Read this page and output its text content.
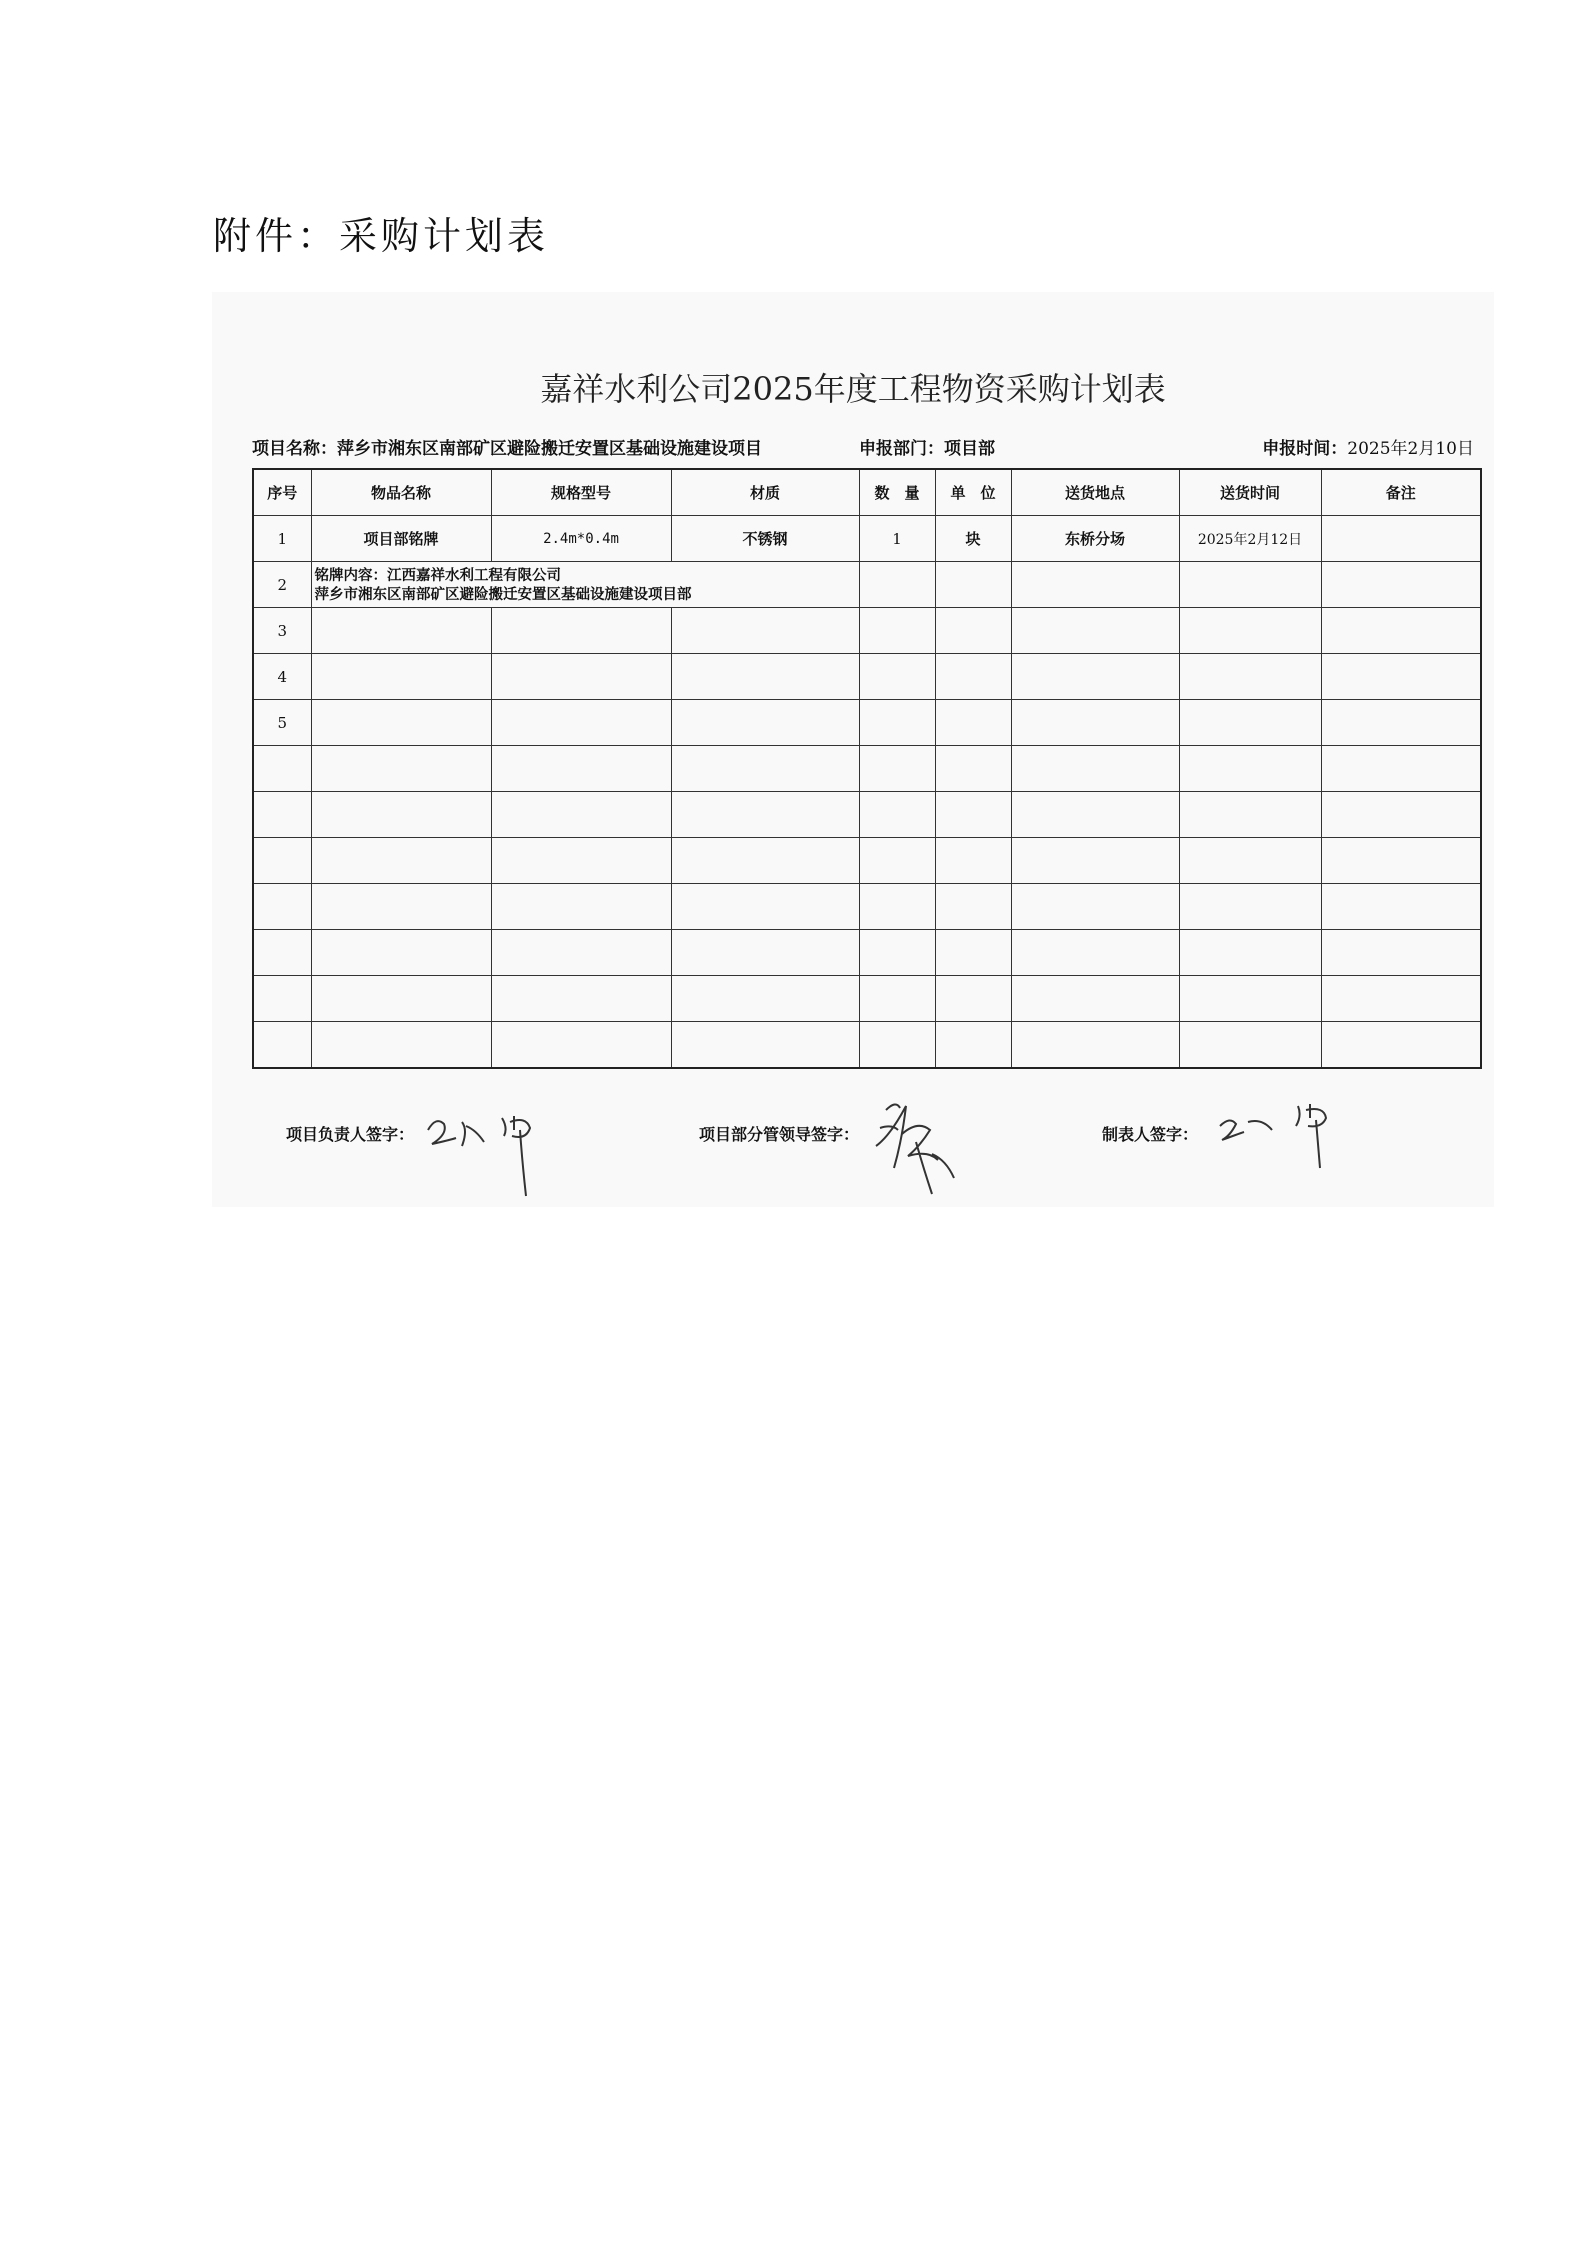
附件：采购计划表
嘉祥水利公司2025年度工程物资采购计划表
项目名称：萍乡市湘东区南部矿区避险搬迁安置区基础设施建设项目	申报部门：项目部	申报时间：2025年2月10日
序号	物品名称	规格型号	材质	数　量	单　位	送货地点	送货时间	备注
1	项目部铭牌	2.4m*0.4m	不锈钢	1	块	东桥分场	2025年2月12日	
2	铭牌内容：江西嘉祥水利工程有限公司
萍乡市湘东区南部矿区避险搬迁安置区基础设施建设项目部							

3								
4								
5								

项目负责人签字：	项目部分管领导签字：	制表人签字：
